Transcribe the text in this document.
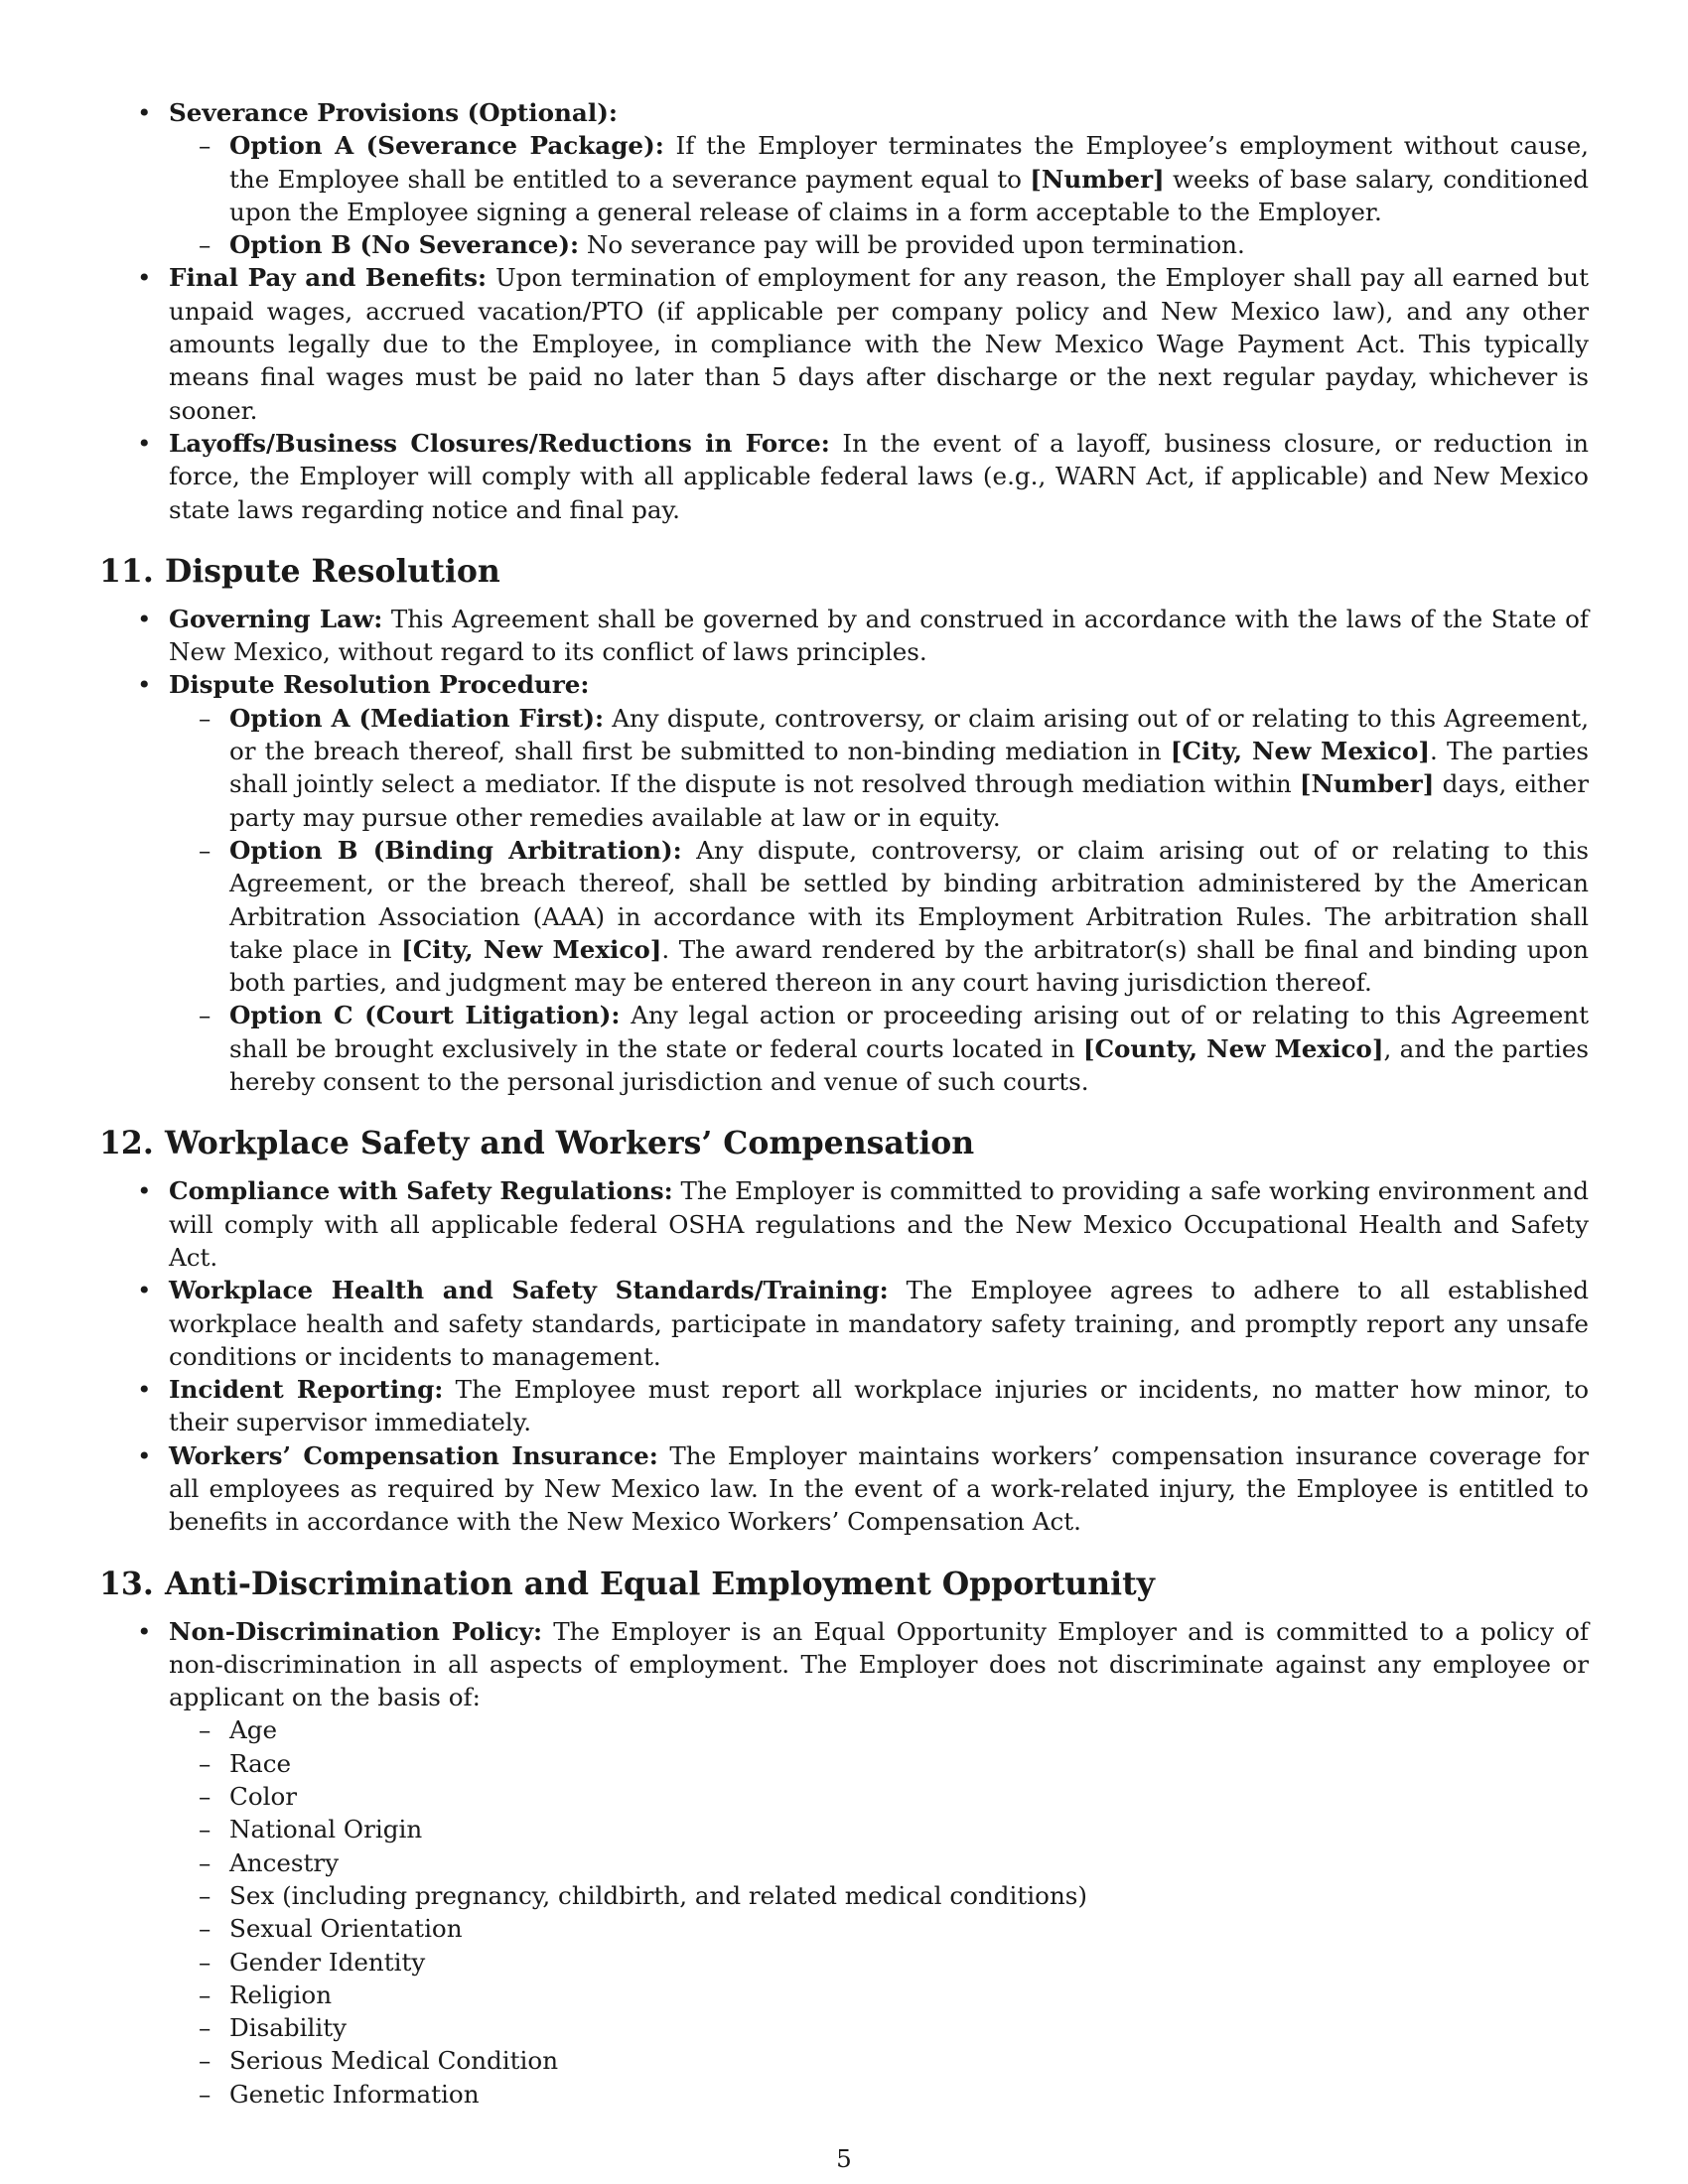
• Severance Provisions (Optional):
– Option A (Severance Package): If the Employer terminates the Employee’s employment without cause, the Employee shall be entitled to a severance payment equal to [Number] weeks of base salary, conditioned upon the Employee signing a general release of claims in a form acceptable to the Employer.
– Option B (No Severance): No severance pay will be provided upon termination.
• Final Pay and Benefits: Upon termination of employment for any reason, the Employer shall pay all earned but unpaid wages, accrued vacation/PTO (if applicable per company policy and New Mexico law), and any other amounts legally due to the Employee, in compliance with the New Mexico Wage Payment Act. This typically means final wages must be paid no later than 5 days after discharge or the next regular payday, whichever is sooner.
• Layoffs/Business Closures/Reductions in Force: In the event of a layoff, business closure, or reduction in force, the Employer will comply with all applicable federal laws (e.g., WARN Act, if applicable) and New Mexico state laws regarding notice and final pay.
11. Dispute Resolution
• Governing Law: This Agreement shall be governed by and construed in accordance with the laws of the State of New Mexico, without regard to its conflict of laws principles.
• Dispute Resolution Procedure:
– Option A (Mediation First): Any dispute, controversy, or claim arising out of or relating to this Agreement, or the breach thereof, shall first be submitted to non-binding mediation in [City, New Mexico]. The parties shall jointly select a mediator. If the dispute is not resolved through mediation within [Number] days, either party may pursue other remedies available at law or in equity.
– Option B (Binding Arbitration): Any dispute, controversy, or claim arising out of or relating to this Agreement, or the breach thereof, shall be settled by binding arbitration administered by the American Arbitration Association (AAA) in accordance with its Employment Arbitration Rules. The arbitration shall take place in [City, New Mexico]. The award rendered by the arbitrator(s) shall be final and binding upon both parties, and judgment may be entered thereon in any court having jurisdiction thereof.
– Option C (Court Litigation): Any legal action or proceeding arising out of or relating to this Agreement shall be brought exclusively in the state or federal courts located in [County, New Mexico], and the parties hereby consent to the personal jurisdiction and venue of such courts.
12. Workplace Safety and Workers’ Compensation
• Compliance with Safety Regulations: The Employer is committed to providing a safe working environment and will comply with all applicable federal OSHA regulations and the New Mexico Occupational Health and Safety Act.
• Workplace Health and Safety Standards/Training: The Employee agrees to adhere to all established workplace health and safety standards, participate in mandatory safety training, and promptly report any unsafe conditions or incidents to management.
• Incident Reporting: The Employee must report all workplace injuries or incidents, no matter how minor, to their supervisor immediately.
• Workers’ Compensation Insurance: The Employer maintains workers’ compensation insurance coverage for all employees as required by New Mexico law. In the event of a work-related injury, the Employee is entitled to benefits in accordance with the New Mexico Workers’ Compensation Act.
13. Anti-Discrimination and Equal Employment Opportunity

• Non-Discrimination Policy: The Employer is an Equal Opportunity Employer and is committed to a policy of non-discrimination in all aspects of employment. The Employer does not discriminate against any employee or applicant on the basis of:

– Age
– Race
– Color
– National Origin
– Ancestry
– Sex (including pregnancy, childbirth, and related medical conditions)
– Sexual Orientation
– Gender Identity
– Religion
– Disability
– Serious Medical Condition
– Genetic Information
5
